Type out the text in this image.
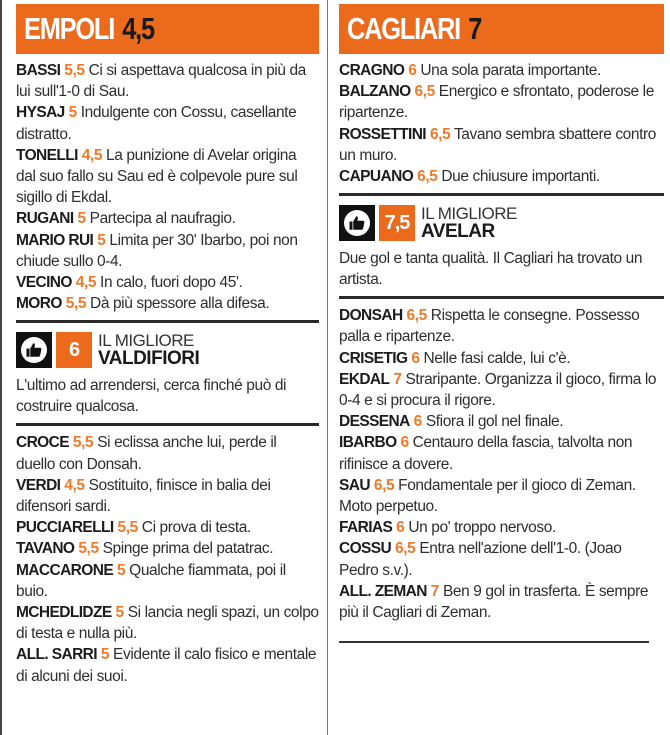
EMPOLI 4,5
BASSI 5,5 Ci si aspettava qualcosa in più da lui sull'1-0 di Sau.
HYSAJ 5 Indulgente con Cossu, casellante distratto.
TONELLI 4,5 La punizione di Avelar origina dal suo fallo su Sau ed è colpevole pure sul sigillo di Ekdal.
RUGANI 5 Partecipa al naufragio.
MARIO RUI 5 Limita per 30' Ibarbo, poi non chiude sullo 0-4.
VECINO 4,5 In calo, fuori dopo 45'.
MORO 5,5 Dà più spessore alla difesa.
6	IL MIGLIORE
VALDIFIORI
L'ultimo ad arrendersi, cerca finché può di costruire qualcosa.
CROCE 5,5 Si eclissa anche lui, perde il duello con Donsah.
VERDI 4,5 Sostituito, finisce in balia dei difensori sardi.
PUCCIARELLI 5,5 Ci prova di testa.
TAVANO 5,5 Spinge prima del patatrac.
MACCARONE 5 Qualche fiammata, poi il buio.
MCHEDLIDZE 5 Si lancia negli spazi, un colpo di testa e nulla più.
ALL. SARRI 5 Evidente il calo fisico e mentale di alcuni dei suoi.
CAGLIARI 7
CRAGNO 6 Una sola parata importante.
BALZANO 6,5 Energico e sfrontato, poderose le ripartenze.
ROSSETTINI 6,5 Tavano sembra sbattere contro un muro.
CAPUANO 6,5 Due chiusure importanti.
7,5 IL MIGLIORE
AVELAR
Due gol e tanta qualità. Il Cagliari ha trovato un artista.
DONSAH 6,5 Rispetta le consegne. Possesso palla e ripartenze.
CRISETIG 6 Nelle fasi calde, lui c'è.
EKDAL 7 Straripante. Organizza il gioco, firma lo 0-4 e si procura il rigore.
DESSENA 6 Sfiora il gol nel finale.
IBARBO 6 Centauro della fascia, talvolta non rifinisce a dovere.
SAU 6,5 Fondamentale per il gioco di Zeman. Moto perpetuo.
FARIAS 6 Un po' troppo nervoso.
COSSU 6,5 Entra nell'azione dell'1-0. (Joao Pedro s.v.).
ALL. ZEMAN 7 Ben 9 gol in trasferta. È sempre più il Cagliari di Zeman.
